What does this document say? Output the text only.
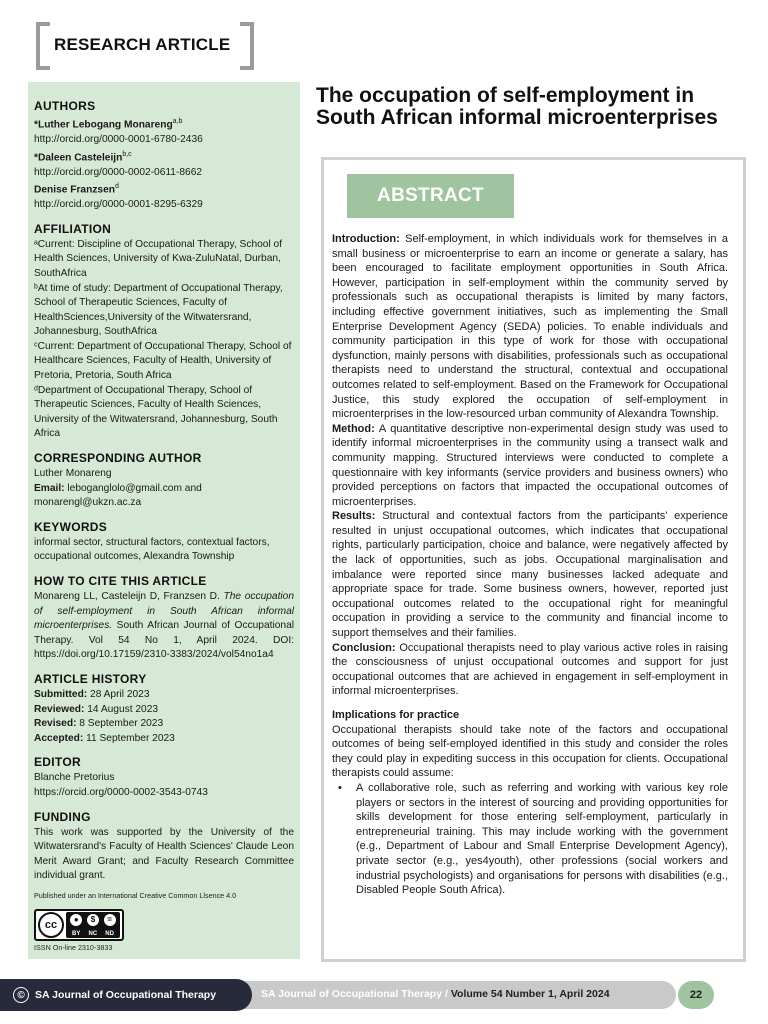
RESEARCH ARTICLE
AUTHORS
*Luther Lebogang Monareng$^{a,b}$
http://orcid.org/0000-0001-6780-2436
*Daleen Casteleijn$^{b,c}$
http://orcid.org/0000-0002-0611-8662
Denise Franzsen$^d$
http://orcid.org/0000-0001-8295-6329
AFFILIATION
ᵃCurrent: Discipline of Occupational Therapy, School of Health Sciences, University of Kwa-ZuluNatal, Durban, SouthAfrica
ᵇAt time of study: Department of Occupational Therapy, School of Therapeutic Sciences, Faculty of HealthSciences,University of the Witwatersrand, Johannesburg, SouthAfrica
ᶜCurrent: Department of Occupational Therapy, School of Healthcare Sciences, Faculty of Health, University of Pretoria, Pretoria, South Africa
ᵈDepartment of Occupational Therapy, School of Therapeutic Sciences, Faculty of Health Sciences, University of the Witwatersrand, Johannesburg, South Africa
CORRESPONDING AUTHOR
Luther Monareng
Email: leboganglolo@gmail.com and monarengl@ukzn.ac.za
KEYWORDS
informal sector, structural factors, contextual factors, occupational outcomes, Alexandra Township
HOW TO CITE THIS ARTICLE
Monareng LL, Casteleijn D, Franzsen D. The occupation of self-employment in South African informal microenterprises. South African Journal of Occupational Therapy. Vol 54 No 1, April 2024. DOI: https://doi.org/10.17159/2310-3383/2024/vol54no1a4
ARTICLE HISTORY
Submitted: 28 April 2023
Reviewed: 14 August 2023
Revised: 8 September 2023
Accepted: 11 September 2023
EDITOR
Blanche Pretorius
https://orcid.org/0000-0002-3543-0743
FUNDING
This work was supported by the University of the Witwatersrand's Faculty of Health Sciences' Claude Leon Merit Award Grant; and Faculty Research Committee individual grant.
Published under an International Creative Common Llsence 4.0
cc	●	$	=
BY NC ND
ISSN On-line 2310-3833
The occupation of self-employment in South African informal microenterprises
ABSTRACT

Introduction: Self-employment, in which individuals work for themselves in a small business or microenterprise to earn an income or generate a salary, has been encouraged to facilitate employment opportunities in South Africa. However, participation in self-employment within the community served by professionals such as occupational therapists is limited by many factors, including effective government initiatives, such as implementing the Small Enterprise Development Agency (SEDA) policies. To enable individuals and community participation in this type of work for those with occupational dysfunction, mainly persons with disabilities, professionals such as occupational therapists need to understand the structural, contextual and occupational outcomes related to self-employment. Based on the Framework for Occupational Justice, this study explored the occupation of self-employment in microenterprises in the low-resourced urban community of Alexandra Township.

Method: A quantitative descriptive non-experimental design study was used to identify informal microenterprises in the community using a transect walk and community mapping. Structured interviews were conducted to complete a questionnaire with key informants (service providers and business owners) who provided perceptions on factors that impacted the occupational outcomes of microenterprises.

Results: Structural and contextual factors from the participants' experience resulted in unjust occupational outcomes, which indicates that occupational rights, particularly participation, choice and balance, were negatively affected by the lack of opportunities, such as jobs. Occupational marginalisation and imbalance were reported since many businesses lacked adequate and appropriate space for trade. Some business owners, however, reported just occupational outcomes related to the occupational right for meaningful occupation in providing a service to the community and financial income to support themselves and their families.

Conclusion: Occupational therapists need to play various active roles in raising the consciousness of unjust occupational outcomes and support for just occupational outcomes that are achieved in engagement in self-employment in informal microenterprises.

Implications for practice

Occupational therapists should take note of the factors and occupational outcomes of being self-employed identified in this study and consider the roles they could play in expediting success in this occupation for clients. Occupational therapists could assume:

•	A collaborative role, such as referring and working with various key role players or sectors in the interest of sourcing and providing opportunities for skills development for those entering self-employment, particularly in entrepreneurial training. This may include working with the government (e.g., Department of Labour and Small Enterprise Development Agency), private sector (e.g., yes4youth), other professions (social workers and industrial psychologists) and organisations for persons with disabilities (e.g., Disabled People South Africa).
SA Journal of Occupational Therapy / Volume 54 Number 1, April 2024
© SA Journal of Occupational Therapy	22
